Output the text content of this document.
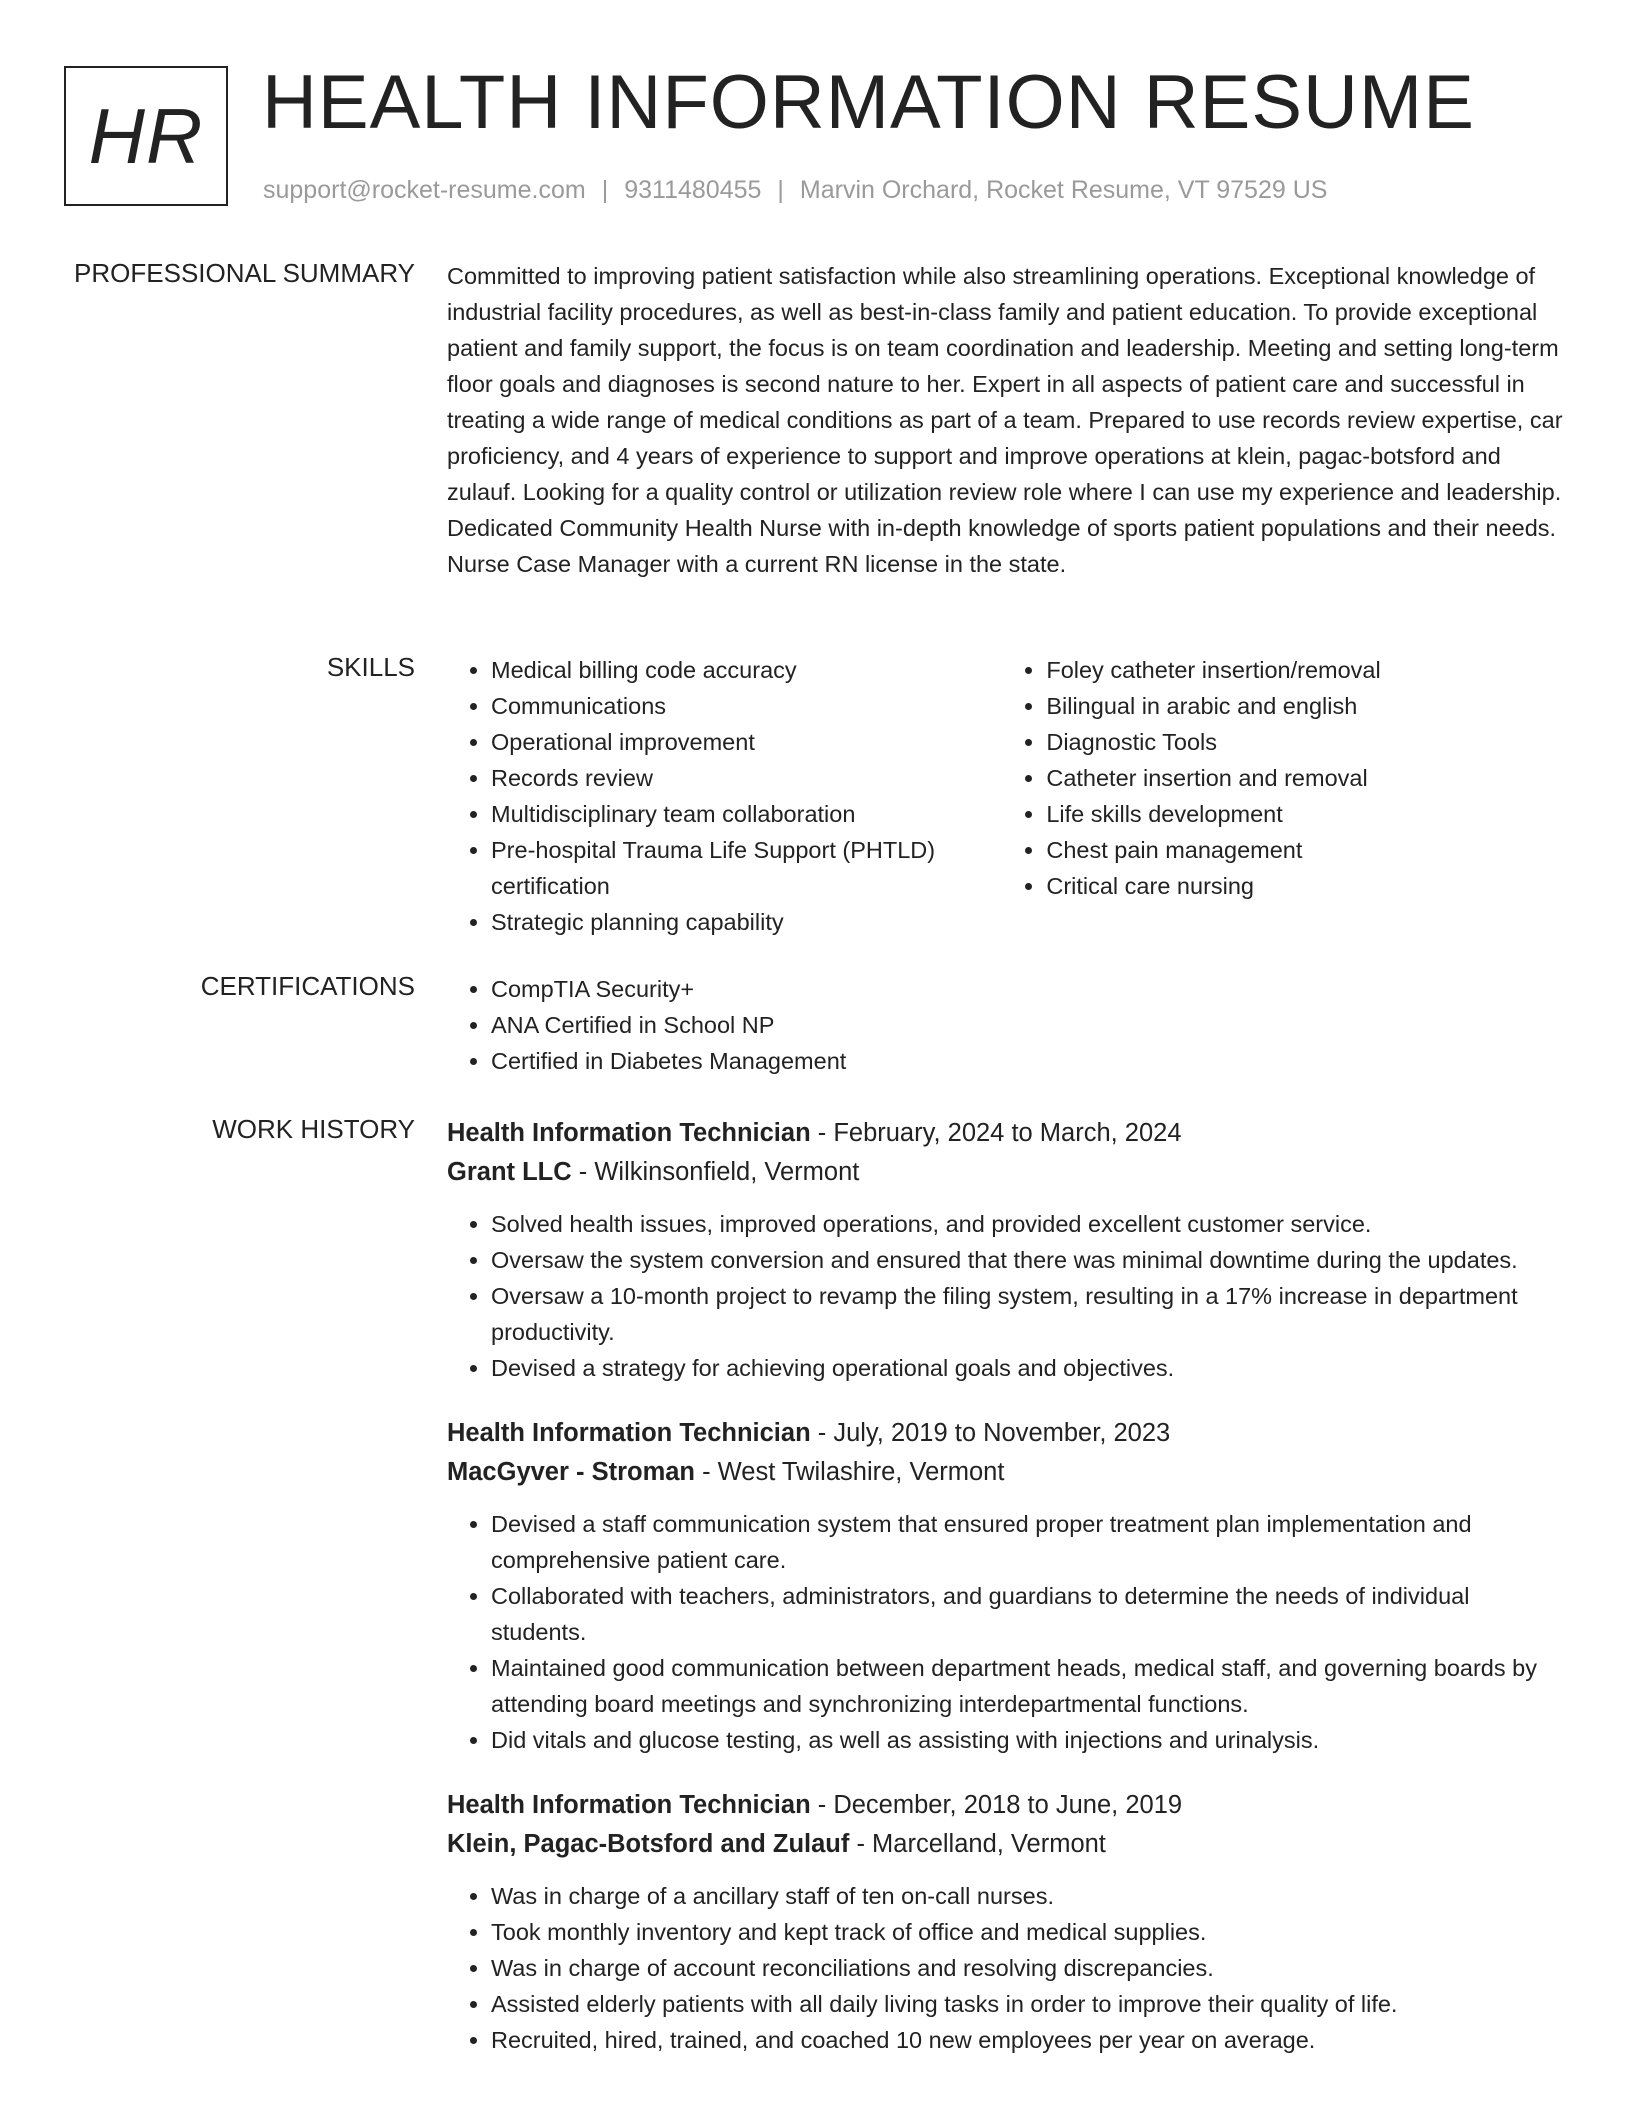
HR HEALTH INFORMATION RESUME
support@rocket-resume.com | 9311480455 | Marvin Orchard, Rocket Resume, VT 97529 US
PROFESSIONAL SUMMARY Committed to improving patient satisfaction while also streamlining operations. Exceptional knowledge of industrial facility procedures, as well as best-in-class family and patient education. To provide exceptional patient and family support, the focus is on team coordination and leadership. Meeting and setting long-term floor goals and diagnoses is second nature to her. Expert in all aspects of patient care and successful in treating a wide range of medical conditions as part of a team. Prepared to use records review expertise, car proficiency, and 4 years of experience to support and improve operations at klein, pagac-botsford and zulauf. Looking for a quality control or utilization review role where I can use my experience and leadership. Dedicated Community Health Nurse with in-depth knowledge of sports patient populations and their needs. Nurse Case Manager with a current RN license in the state.

SKILLS	• Medical billing code accuracy
• Communications
• Operational improvement
• Records review
• Multidisciplinary team collaboration
• Pre-hospital Trauma Life Support (PHTLD) certification
• Strategic planning capability
• Foley catheter insertion/removal
• Bilingual in arabic and english
• Diagnostic Tools
• Catheter insertion and removal
• Life skills development
• Chest pain management
• Critical care nursing
CERTIFICATIONS	• CompTIA Security+
• ANA Certified in School NP
• Certified in Diabetes Management
WORK HISTORY Health Information Technician - February, 2024 to March, 2024
Grant LLC - Wilkinsonfield, Vermont
• Solved health issues, improved operations, and provided excellent customer service.
• Oversaw the system conversion and ensured that there was minimal downtime during the updates.
• Oversaw a 10-month project to revamp the filing system, resulting in a 17% increase in department productivity.
• Devised a strategy for achieving operational goals and objectives.
Health Information Technician - July, 2019 to November, 2023
MacGyver - Stroman - West Twilashire, Vermont
• Devised a staff communication system that ensured proper treatment plan implementation and comprehensive patient care.
• Collaborated with teachers, administrators, and guardians to determine the needs of individual students.
• Maintained good communication between department heads, medical staff, and governing boards by attending board meetings and synchronizing interdepartmental functions.
• Did vitals and glucose testing, as well as assisting with injections and urinalysis.
Health Information Technician - December, 2018 to June, 2019
Klein, Pagac-Botsford and Zulauf - Marcelland, Vermont
• Was in charge of a ancillary staff of ten on-call nurses.
• Took monthly inventory and kept track of office and medical supplies.
• Was in charge of account reconciliations and resolving discrepancies.
• Assisted elderly patients with all daily living tasks in order to improve their quality of life.
• Recruited, hired, trained, and coached 10 new employees per year on average.
